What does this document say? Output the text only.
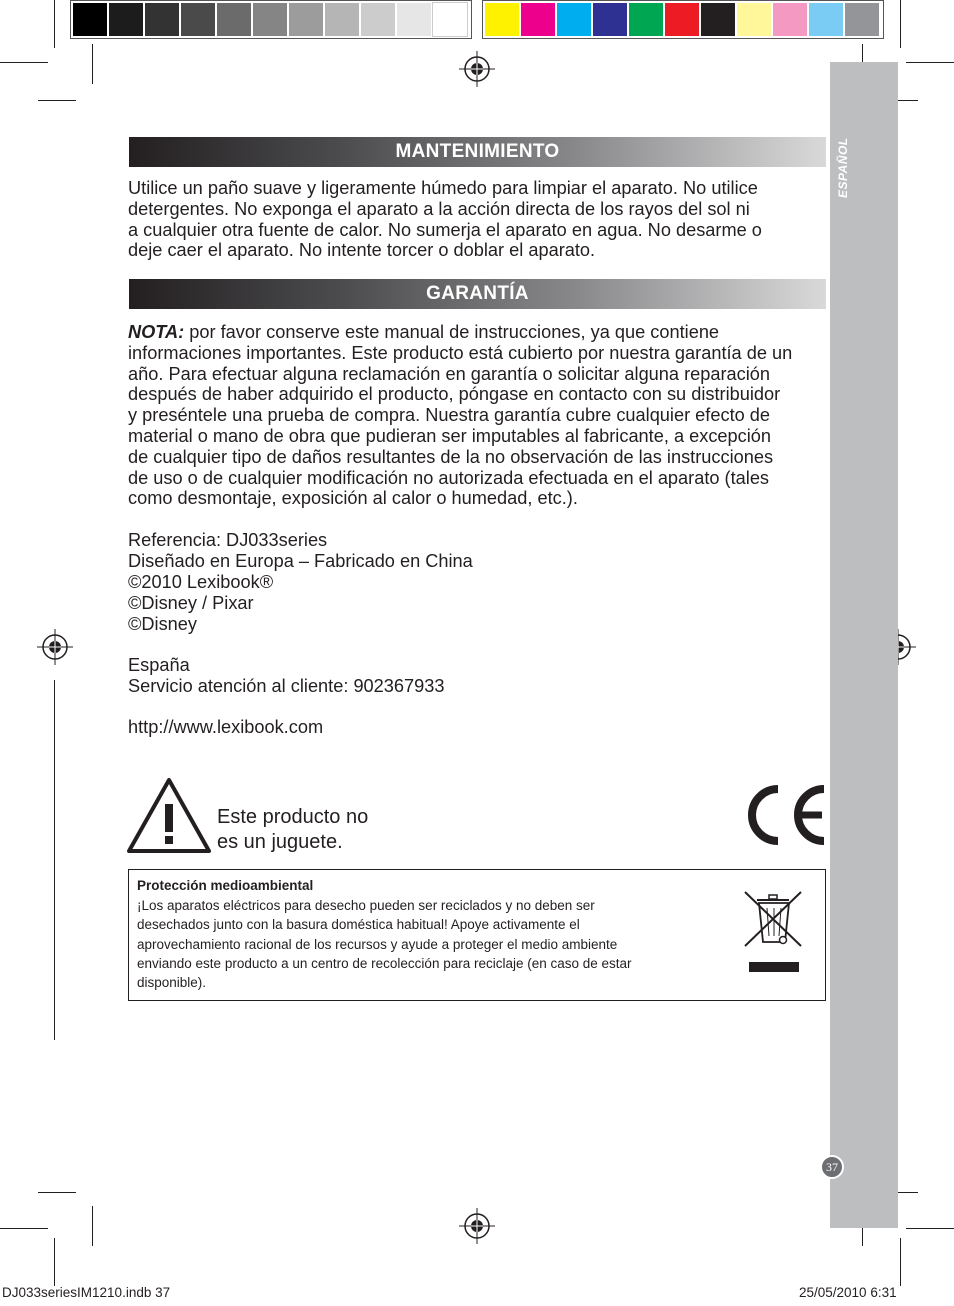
ESPAÑOL
37
MANTENIMIENTO
Utilice un paño suave y ligeramente húmedo para limpiar el aparato. No utilice
detergentes. No exponga el aparato a la acción directa de los rayos del sol ni
a cualquier otra fuente de calor. No sumerja el aparato en agua. No desarme o
deje caer el aparato. No intente torcer o doblar el aparato.
GARANTÍA
NOTA: por favor conserve este manual de instrucciones, ya que contiene
informaciones importantes. Este producto está cubierto por nuestra garantía de un
año. Para efectuar alguna reclamación en garantía o solicitar alguna reparación
después de haber adquirido el producto, póngase en contacto con su distribuidor
y preséntele una prueba de compra. Nuestra garantía cubre cualquier efecto de
material o mano de obra que pudieran ser imputables al fabricante, a excepción
de cualquier tipo de daños resultantes de la no observación de las instrucciones
de uso o de cualquier modificación no autorizada efectuada en el aparato (tales
como desmontaje, exposición al calor o humedad, etc.).
Referencia: DJ033series
Diseñado en Europa – Fabricado en China
©2010 Lexibook®
©Disney / Pixar
©Disney
España
Servicio atención al cliente: 902367933
http://www.lexibook.com
Este producto no
es un juguete.
Protección medioambiental
¡Los aparatos eléctricos para desecho pueden ser reciclados y no deben ser
desechados junto con la basura doméstica habitual! Apoye activamente el
aprovechamiento racional de los recursos y ayude a proteger el medio ambiente
enviando este producto a un centro de recolección para reciclaje (en caso de estar
disponible).
DJ033seriesIM1210.indb 37	25/05/2010 6:31
